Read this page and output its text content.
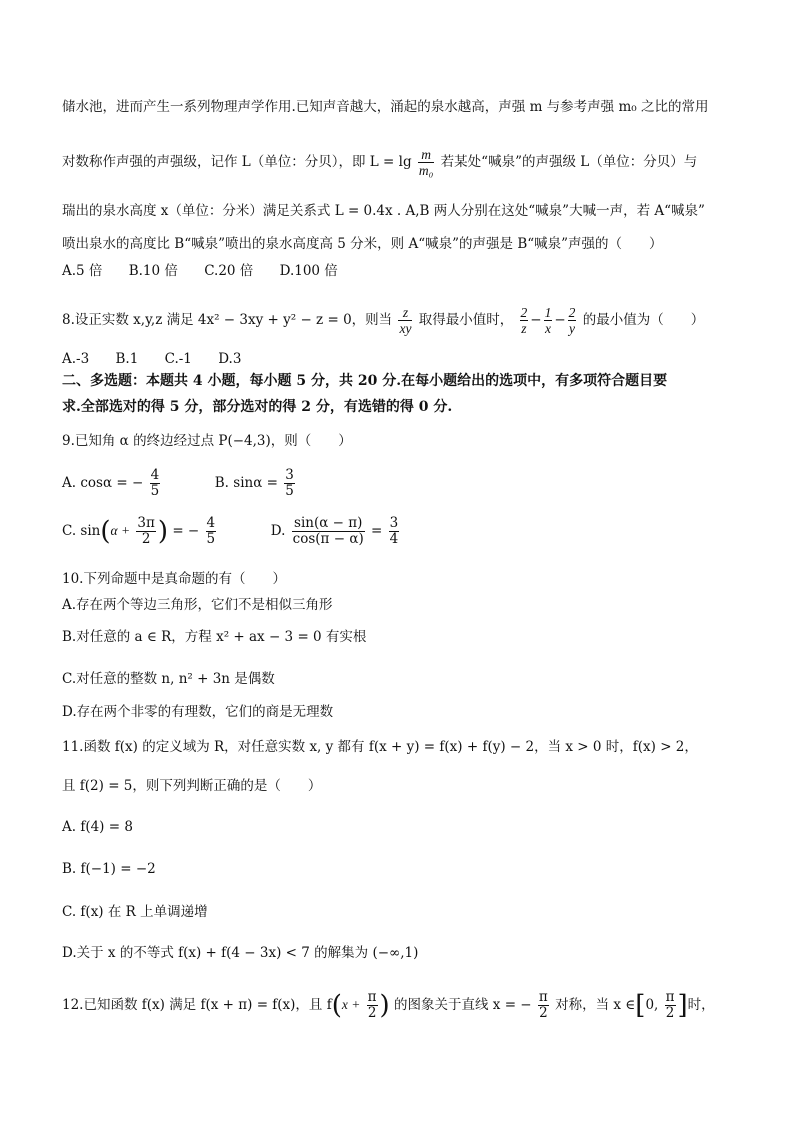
储水池，进而产生一系列物理声学作用.已知声音越大，涌起的泉水越高，声强 m 与参考声强 m₀ 之比的常用
对数称作声强的声强级，记作 L（单位：分贝），即 $L = \lg \frac{m}{\text{m₀}}$ 若某处“喊泉”的声强级 L（单位：分贝）与
瑞出的泉水高度 x（单位：分米）满足关系式 L = 0.4x . A,B 两人分别在这处“喊泉”大喊一声，若 A“喊泉”
喷出泉水的高度比 B“喊泉”喷出的泉水高度高 5 分米，则 A“喊泉”的声强是 B“喊泉”声强的（　　）
A.5 倍 B.10 倍 C.20 倍 D.100 倍
8.设正实数 x,y,z 满足 4x² − 3xy + y² − z = 0，则当 $\frac{z}{xy}$ 取得最小值时， $\frac{2}{z} - \frac{1}{x} - \frac{2}{y}$ 的最小值为（　　）
A.-3 B.1 C.-1 D.3
二、多选题：本题共 4 小题，每小题 5 分，共 20 分.在每小题给出的选项中，有多项符合题目要
求.全部选对的得 5 分，部分选对的得 2 分，有选错的得 0 分.
9.已知角 α 的终边经过点 P(−4,3)，则（　　）
A. cosα = − $\frac{4}{5}$	B. $\sin\alpha = \frac{3}{5}$
C. $\sin(\alpha + \frac{3\pi}{2}$ ) = − $\frac{4}{5}$	D. $\frac{\sin(\alpha - \pi)}{\cos(\pi - \alpha)} = \frac{3}{4}$
10.下列命题中是真命题的有（　　）
A.存在两个等边三角形，它们不是相似三角形
B.对任意的 a ∈ R，方程 x² + ax − 3 = 0 有实根
C.对任意的整数 n, n² + 3n 是偶数
D.存在两个非零的有理数，它们的商是无理数
11.函数 f(x) 的定义域为 R，对任意实数 x, y 都有 f(x + y) = f(x) + f(y) − 2，当 x > 0 时，f(x) > 2，
且 f(2) = 5，则下列判断正确的是（　　）
A. f(4) = 8
B. f(−1) = −2
C. f(x) 在 R 上单调递增
D.关于 x 的不等式 f(x) + f(4 − 3x) < 7 的解集为 (−∞,1)
12.已知函数 f(x) 满足 f(x + π) = f(x)，且 $f(x + \frac{\pi}{2}$ ) 的图象关于直线 x = − $\frac{\pi}{2}$ 对称，当 x ∈[0, $\frac{\pi}{2}$ ]时，
